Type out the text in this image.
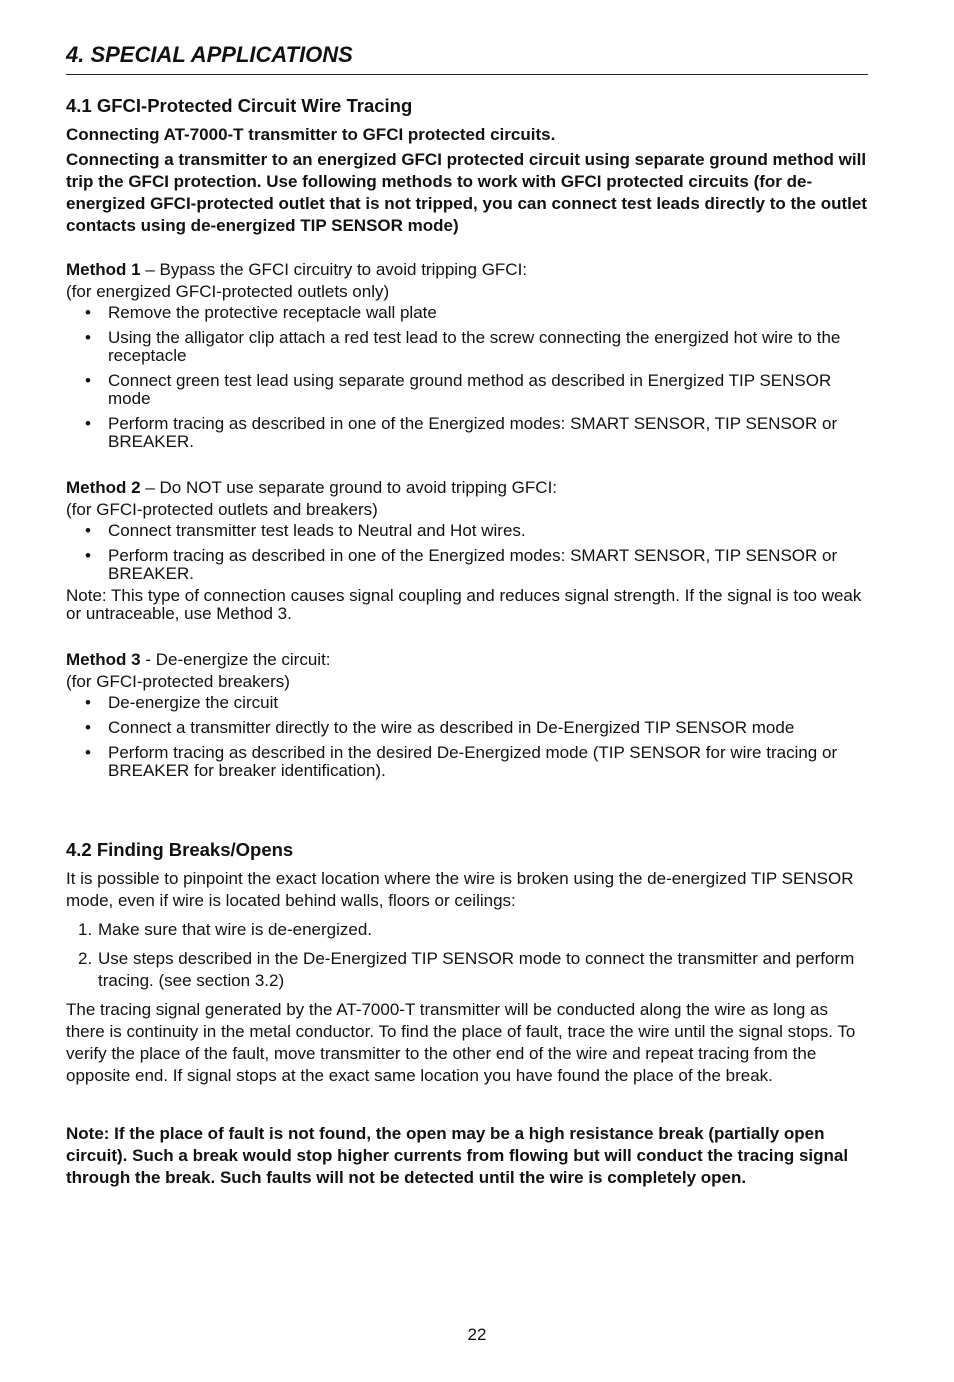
4. SPECIAL APPLICATIONS
4.1 GFCI-Protected Circuit Wire Tracing

Connecting AT-7000-T transmitter to GFCI protected circuits.

Connecting a transmitter to an energized GFCI protected circuit using separate ground method will trip the GFCI protection. Use following methods to work with GFCI protected circuits (for de-energized GFCI-protected outlet that is not tripped, you can connect test leads directly to the outlet contacts using de-energized TIP SENSOR mode)

Method 1 – Bypass the GFCI circuitry to avoid tripping GFCI:

(for energized GFCI-protected outlets only)

• Remove the protective receptacle wall plate
• Using the alligator clip attach a red test lead to the screw connecting the energized hot wire to the receptacle
• Connect green test lead using separate ground method as described in Energized TIP SENSOR mode
• Perform tracing as described in one of the Energized modes: SMART SENSOR, TIP SENSOR or BREAKER.

Method 2 – Do NOT use separate ground to avoid tripping GFCI:

(for GFCI-protected outlets and breakers)

• Connect transmitter test leads to Neutral and Hot wires.
• Perform tracing as described in one of the Energized modes: SMART SENSOR, TIP SENSOR or BREAKER.

Note: This type of connection causes signal coupling and reduces signal strength. If the signal is too weak or untraceable, use Method 3.

Method 3 - De-energize the circuit:

(for GFCI-protected breakers)

• De-energize the circuit
• Connect a transmitter directly to the wire as described in De-Energized TIP SENSOR mode
• Perform tracing as described in the desired De-Energized mode (TIP SENSOR for wire tracing or BREAKER for breaker identification).
4.2 Finding Breaks/Opens

It is possible to pinpoint the exact location where the wire is broken using the de-energized TIP SENSOR mode, even if wire is located behind walls, floors or ceilings:

1. Make sure that wire is de-energized.
2. Use steps described in the De-Energized TIP SENSOR mode to connect the transmitter and perform tracing. (see section 3.2)

The tracing signal generated by the AT-7000-T transmitter will be conducted along the wire as long as there is continuity in the metal conductor. To find the place of fault, trace the wire until the signal stops. To verify the place of the fault, move transmitter to the other end of the wire and repeat tracing from the opposite end. If signal stops at the exact same location you have found the place of the break.

Note: If the place of fault is not found, the open may be a high resistance break (partially open circuit). Such a break would stop higher currents from flowing but will conduct the tracing signal through the break. Such faults will not be detected until the wire is completely open.

22
